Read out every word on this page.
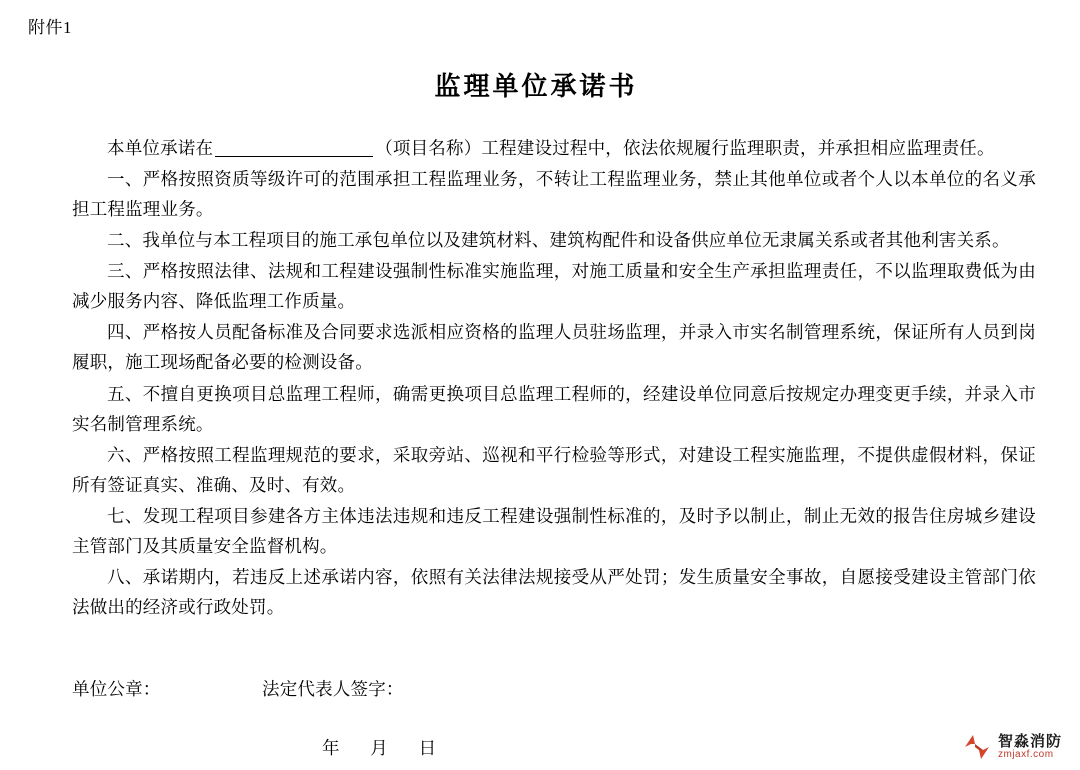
附件1
监理单位承诺书

本单位承诺在	（项目名称）工程建设过程中，依法依规履行监理职责，并承担相应监理责任。

一、严格按照资质等级许可的范围承担工程监理业务，不转让工程监理业务，禁止其他单位或者个人以本单位的名义承担工程监理业务。

二、我单位与本工程项目的施工承包单位以及建筑材料、建筑构配件和设备供应单位无隶属关系或者其他利害关系。

三、严格按照法律、法规和工程建设强制性标准实施监理，对施工质量和安全生产承担监理责任，不以监理取费低为由减少服务内容、降低监理工作质量。

四、严格按人员配备标准及合同要求选派相应资格的监理人员驻场监理，并录入市实名制管理系统，保证所有人员到岗履职，施工现场配备必要的检测设备。

五、不擅自更换项目总监理工程师，确需更换项目总监理工程师的，经建设单位同意后按规定办理变更手续，并录入市实名制管理系统。

六、严格按照工程监理规范的要求，采取旁站、巡视和平行检验等形式，对建设工程实施监理，不提供虚假材料，保证所有签证真实、准确、及时、有效。

七、发现工程项目参建各方主体违法违规和违反工程建设强制性标准的，及时予以制止，制止无效的报告住房城乡建设主管部门及其质量安全监督机构。

八、承诺期内，若违反上述承诺内容，依照有关法律法规接受从严处罚；发生质量安全事故，自愿接受建设主管部门依法做出的经济或行政处罚。

单位公章：	法定代表人签字：
年 月 日	智淼消防
zmjaxf.com
